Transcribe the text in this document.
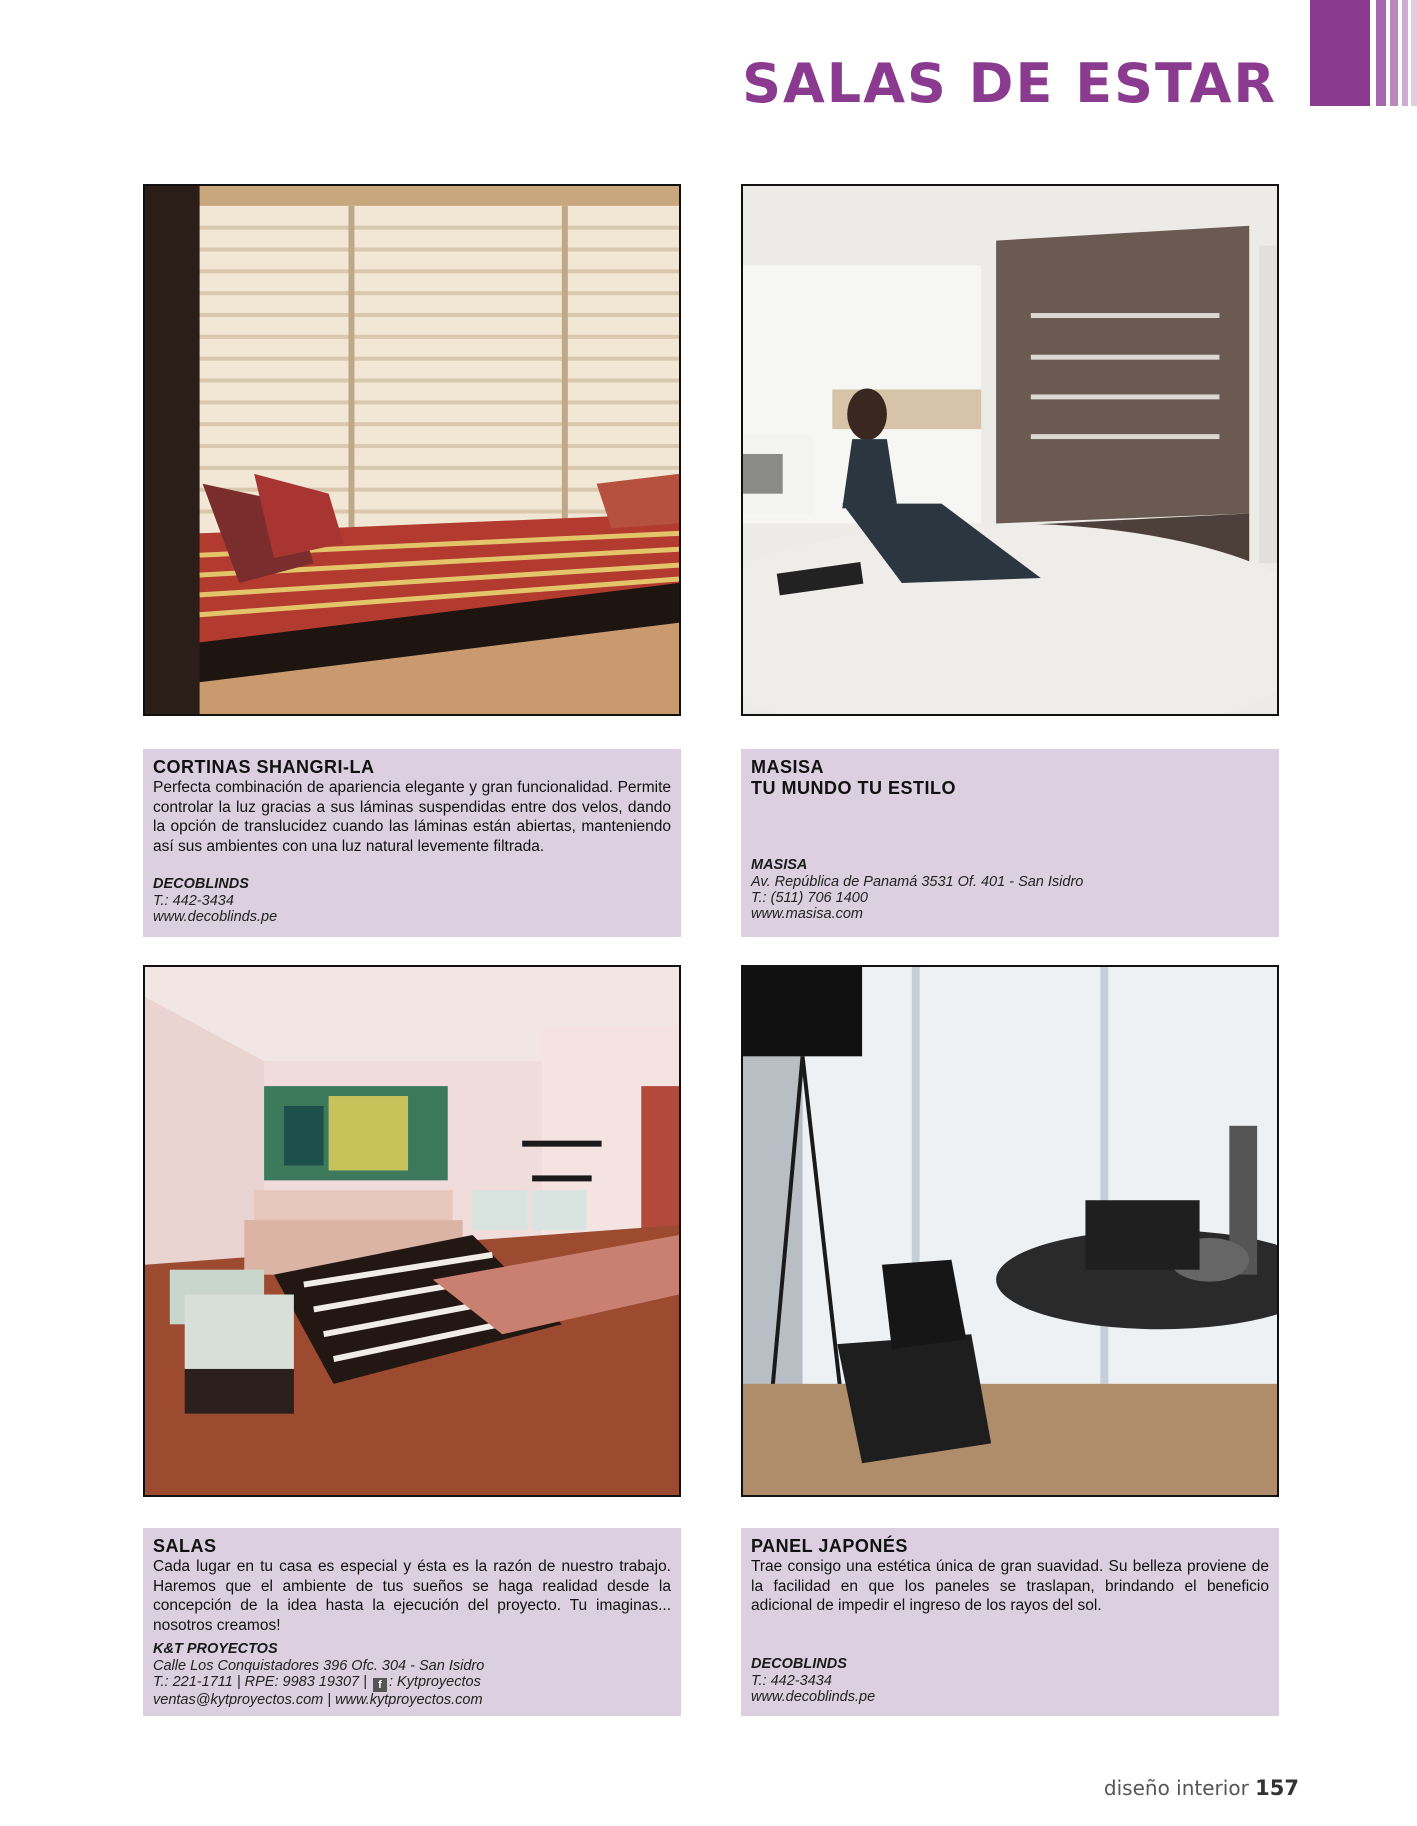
SALAS DE ESTAR
CORTINAS SHANGRI-LA
Perfecta combinación de apariencia elegante y gran funcionalidad. Permite controlar la luz gracias a sus láminas suspendidas entre dos velos, dando la opción de translucidez cuando las láminas están abiertas, manteniendo así sus ambientes con una luz natural levemente filtrada.
DECOBLINDS
T.: 442-3434
www.decoblinds.pe
MASISA
TU MUNDO TU ESTILO
MASISA
Av. República de Panamá 3531 Of. 401 - San Isidro
T.: (511) 706 1400
www.masisa.com
SALAS
Cada lugar en tu casa es especial y ésta es la razón de nuestro trabajo. Haremos que el ambiente de tus sueños se haga realidad desde la concepción de la idea hasta la ejecución del proyecto. Tu imaginas... nosotros creamos!
K&T PROYECTOS
Calle Los Conquistadores 396 Ofc. 304 - San Isidro
T.: 221-1711 | RPE: 9983 19307 | f : Kytproyectos
ventas@kytproyectos.com | www.kytproyectos.com
PANEL JAPONÉS
Trae consigo una estética única de gran suavidad. Su belleza proviene de la facilidad en que los paneles se traslapan, brindando el beneficio adicional de impedir el ingreso de los rayos del sol.
DECOBLINDS
T.: 442-3434
www.decoblinds.pe
diseño interior 157
